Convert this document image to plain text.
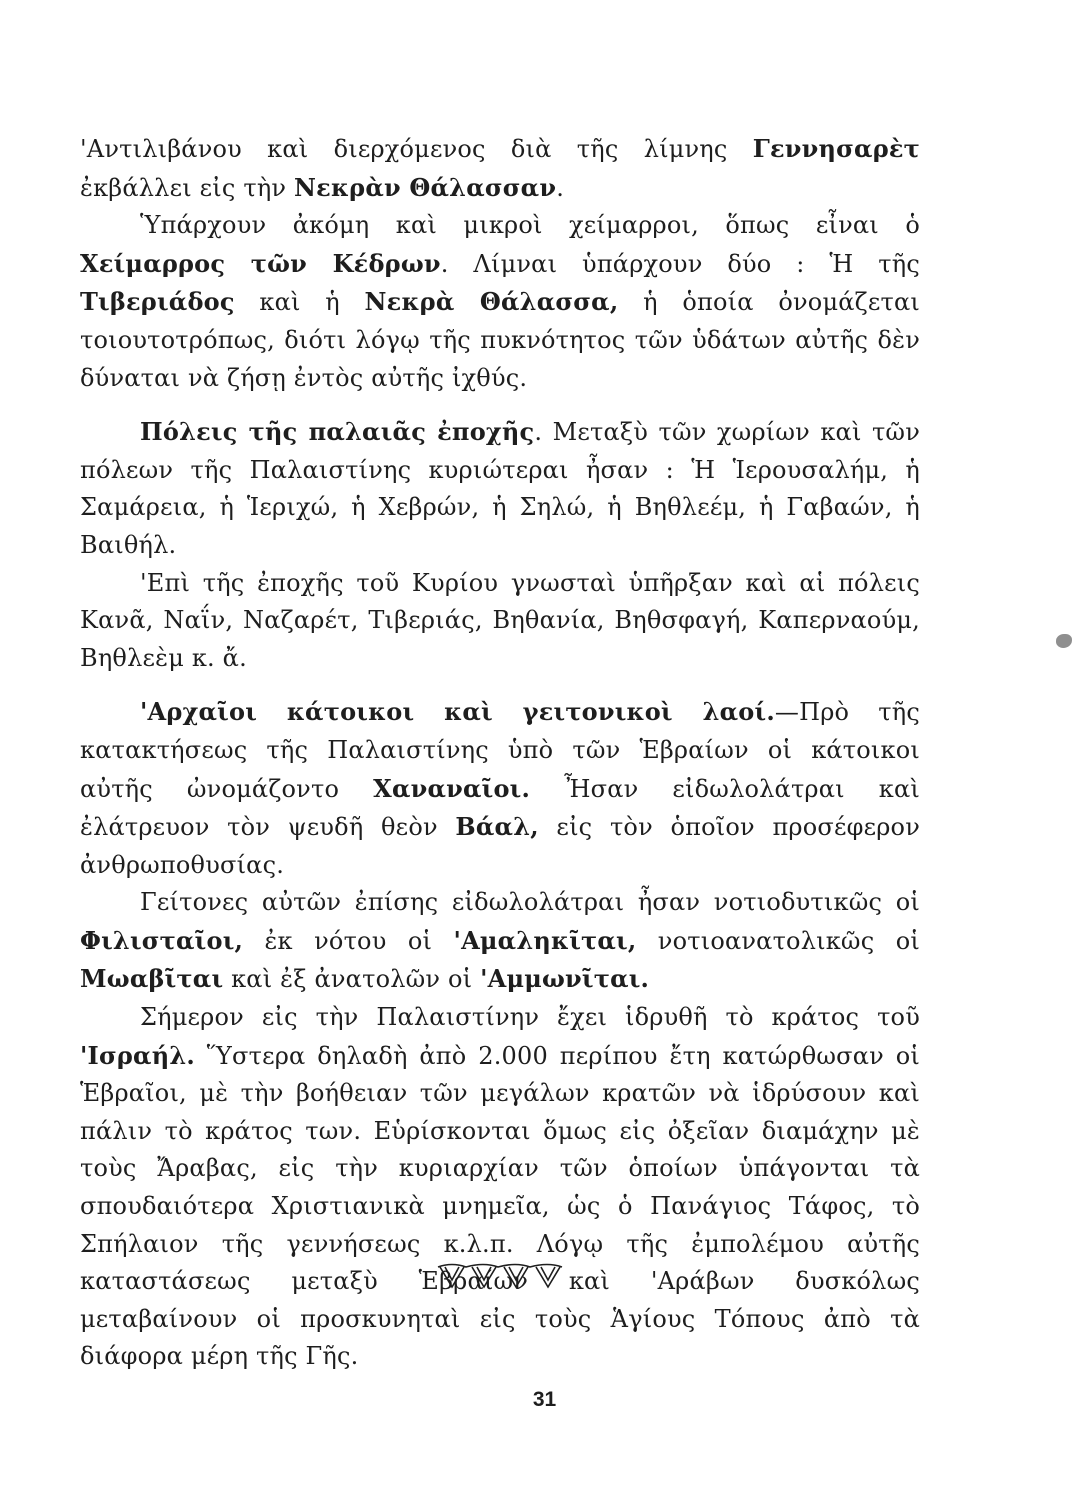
'Αντιλιβάνου καὶ διερχόμενος διὰ τῆς λίμνης Γεννησαρὲτ ἐκβάλλει εἰς τὴν Νεκρὰν Θάλασσαν.

Ὑπάρχουν ἀκόμη καὶ μικροὶ χείμαρροι, ὅπως εἶναι ὁ Χείμαρρος τῶν Κέδρων. Λίμναι ὑπάρχουν δύο : Ἡ τῆς Τιβεριάδος καὶ ἡ Νεκρὰ Θάλασσα, ἡ ὁποία ὀνομάζεται τοιουτοτρόπως, διότι λόγῳ τῆς πυκνότητος τῶν ὑδάτων αὐτῆς δὲν δύναται νὰ ζήσῃ ἐντὸς αὐτῆς ἰχθύς.

Πόλεις τῆς παλαιᾶς ἐποχῆς. Μεταξὺ τῶν χωρίων καὶ τῶν πόλεων τῆς Παλαιστίνης κυριώτεραι ἦσαν : Ἡ Ἱερουσαλήμ, ἡ Σαμάρεια, ἡ Ἱεριχώ, ἡ Χεβρών, ἡ Σηλώ, ἡ Βηθλεέμ, ἡ Γαβαών, ἡ Βαιθήλ.

'Επὶ τῆς ἐποχῆς τοῦ Κυρίου γνωσταὶ ὑπῆρξαν καὶ αἱ πόλεις Κανᾶ, Ναΐν, Ναζαρέτ, Τιβεριάς, Βηθανία, Βηθσφαγή, Καπερναούμ, Βηθλεὲμ κ. ἄ.

'Αρχαῖοι κάτοικοι καὶ γειτονικοὶ λαοί.—Πρὸ τῆς κατακτήσεως τῆς Παλαιστίνης ὑπὸ τῶν Ἑβραίων οἱ κάτοικοι αὐτῆς ὠνομάζοντο Χαναναῖοι. Ἦσαν εἰδωλολάτραι καὶ ἐλάτρευον τὸν ψευδῆ θεὸν Βάαλ, εἰς τὸν ὁποῖον προσέφερον ἀνθρωποθυσίας.

Γείτονες αὐτῶν ἐπίσης εἰδωλολάτραι ἦσαν νοτιοδυτικῶς οἱ Φιλισταῖοι, ἐκ νότου οἱ 'Αμαληκῖται, νοτιοανατολικῶς οἱ Μωαβῖται καὶ ἐξ ἀνατολῶν οἱ 'Αμμωνῖται.

Σήμερον εἰς τὴν Παλαιστίνην ἔχει ἱδρυθῆ τὸ κράτος τοῦ 'Ισραήλ. Ὕστερα δηλαδὴ ἀπὸ 2.000 περίπου ἔτη κατώρθωσαν οἱ Ἑβραῖοι, μὲ τὴν βοήθειαν τῶν μεγάλων κρατῶν νὰ ἱδρύσουν καὶ πάλιν τὸ κράτος των. Εὑρίσκονται ὅμως εἰς ὀξεῖαν διαμάχην μὲ τοὺς Ἄραβας, εἰς τὴν κυριαρχίαν τῶν ὁποίων ὑπάγονται τὰ σπουδαιότερα Χριστιανικὰ μνημεῖα, ὡς ὁ Πανάγιος Τάφος, τὸ Σπήλαιον τῆς γεννήσεως κ.λ.π. Λόγῳ τῆς ἐμπολέμου αὐτῆς καταστάσεως μεταξὺ Ἑβραίων καὶ 'Αράβων δυσκόλως μεταβαίνουν οἱ προσκυνηταὶ εἰς τοὺς Ἁγίους Τόπους ἀπὸ τὰ διάφορα μέρη τῆς Γῆς.

31
